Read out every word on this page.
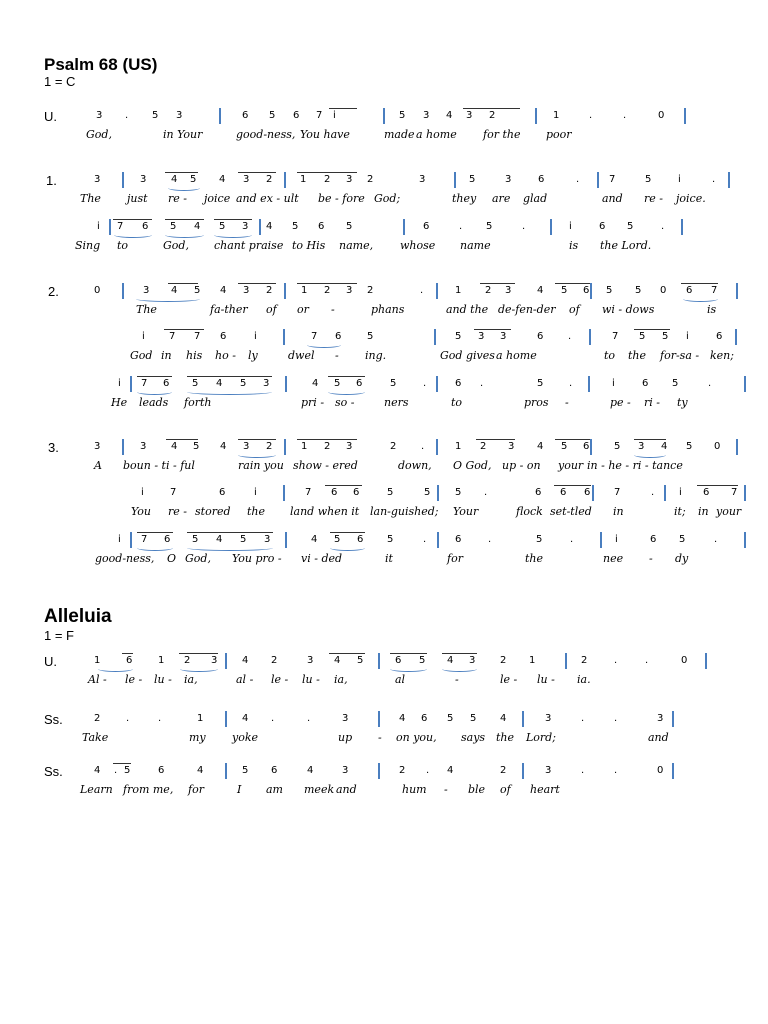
Psalm 68 (US)
1 = C
U.	3 . 5 3	6 5 6 7 i	5 3 4 3 2	1	.	.	0
God,	in Your	good-ness, You have	made a home for the poor
1.	3	3 4 5 4 3 2	1 2 3 2	3	5	3	6	.	7	5	i	.
The just re - joice and ex - ult be - fore God;	they are glad	and re - joice.
i 7 6 5 4 5 3 4 5 6 5	6	. 5	.	i	6 5	.
Sing to	God, chant praise to His name, whose name	is the Lord.
2.	0	3 4 5 4 3 2	1 2 3 2	.	1 2 3	4 5 6 5 5 0 6 7
The	fa-ther of or -	phans	and the de-fen-der of wi - dows	is
i 7 7 6	i	7 6	5	5 3 3	6 .	7 5 5 i	6
God in his ho - ly	dwel - ing.	God gives a home	to the for-sa - ken;
i 7 6 5 4 5 3	4 5 6	5	.	6 .	5	.	i	6 5	.
He leads forth	pri - so -	ners	to	pros -	pe - ri - ty
3.	3	3 4 5 4 3 2	1 2 3	2 .	1 2 3 4 5 6 5 3 4 5 0
A boun - ti - ful	rain you show - ered	down, O God, up - on your in - he - ri - tance
i	7	6	i	7 6 6	5	5 5 .	6 6 6 7	. i 6 7
You re - stored the land when it lan-guished; Your	flock set-tled in	it; in your
i 7 6 5 4 5 3	4 5 6 5	.	6	.	5	.	i	6 5	.
good-ness, O God, You pro - vi - ded	it	for	the	nee - dy
Alleluia
1 = F
U.	1	6	1 2 3 4 2	3 4 5	6 5 4 3 2 1	2	.	.	0
Al - le - lu - ia,	al - le - lu - ia,	al	-	le - lu - ia.
Ss.	2	.	.	1	4 .	.	3	4 6 5 5 4	3	.	.	3
Take	my yoke	up - on you, says the Lord;	and
Ss.	4 . 5	6	4	5 6	4	3	2 . 4	2	3	.	.	0
Learn from me, for	I am meek and	hum - ble of heart
